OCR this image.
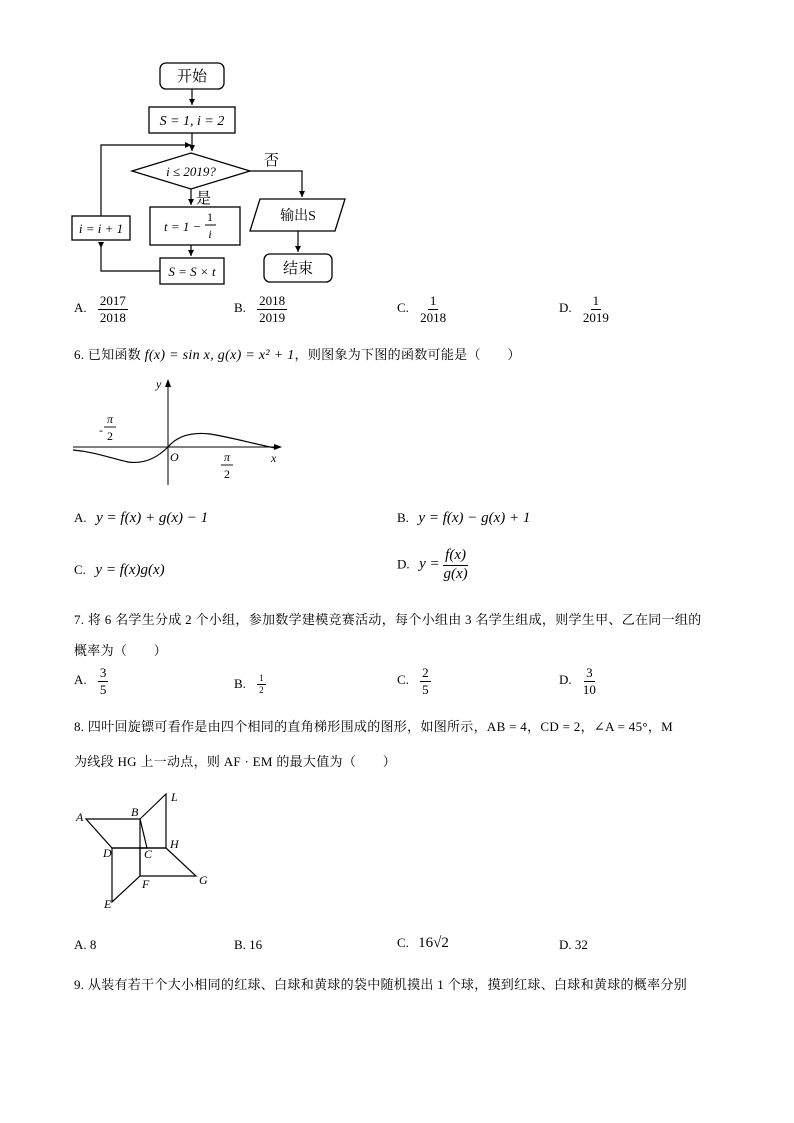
开始
S = 1, i = 2
i ≤ 2019?
否
是
t = 1 −
1
i
S = S × t
i = i + 1
输出S
结束
A. $\frac{2017}{2018}$	B. $\frac{2018}{2019}$	C. $\frac{1}{2018}$	D. $\frac{1}{2019}$
6. 已知函数 f(x) = sin x, g(x) = x² + 1，则图象为下图的函数可能是（　　）
y
x
O
-
π
2
π
2
A. y = f(x) + g(x) − 1	B. y = f(x) − g(x) + 1
C. y = f(x)g(x)	D. $y = \frac{f(x)}{g(x)}$
7. 将 6 名学生分成 2 个小组，参加数学建模竞赛活动，每个小组由 3 名学生组成，则学生甲、乙在同一组的
概率为（　　）
A. $\frac{3}{5}$	B. $\frac{1}{2}$	C. $\frac{2}{5}$	D. $\frac{3}{10}$
8. 四叶回旋镖可看作是由四个相同的直角梯形围成的图形，如图所示，AB = 4，CD = 2，∠A = 45°，M
为线段 HG 上一动点，则 AF · EM 的最大值为（　　）
A	B
L
D	C
H
F	G
E
A. 8	B. 16	C. 16√2	D. 32
9. 从装有若干个大小相同的红球、白球和黄球的袋中随机摸出 1 个球，摸到红球、白球和黄球的概率分别
